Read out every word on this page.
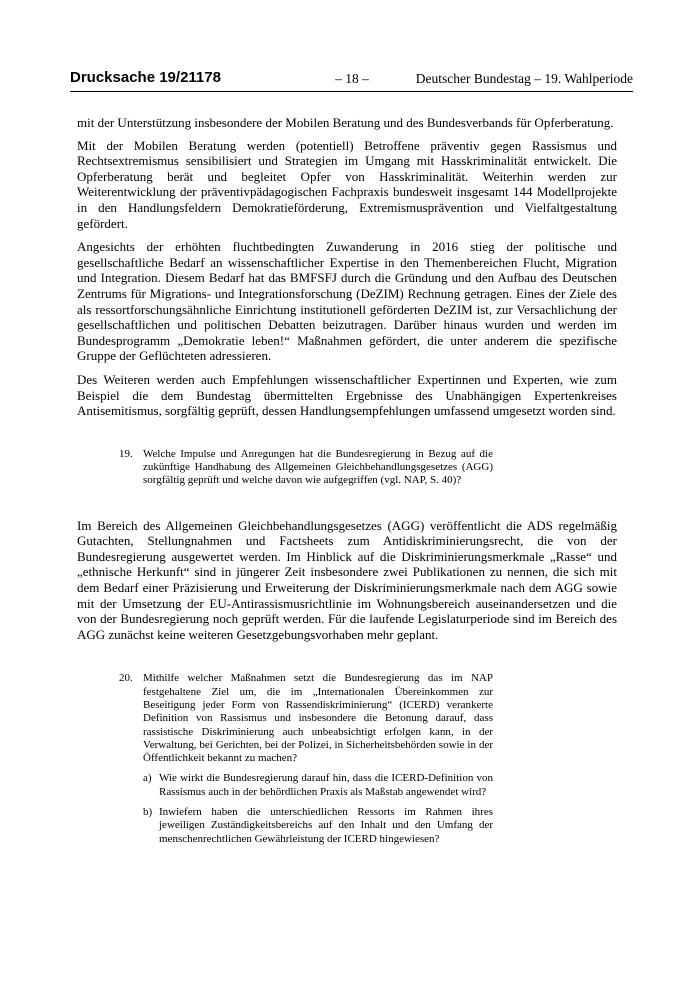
Drucksache 19/21178	– 18 –	Deutscher Bundestag – 19. Wahlperiode

mit der Unterstützung insbesondere der Mobilen Beratung und des Bundesverbands für Opferberatung.

Mit der Mobilen Beratung werden (potentiell) Betroffene präventiv gegen Rassismus und Rechtsextremismus sensibilisiert und Strategien im Umgang mit Hasskriminalität entwickelt. Die Opferberatung berät und begleitet Opfer von Hasskriminalität. Weiterhin werden zur Weiterentwicklung der präventivpädagogischen Fachpraxis bundesweit insgesamt 144 Modellprojekte in den Handlungsfeldern Demokratieförderung, Extremismusprävention und Vielfaltgestaltung gefördert.

Angesichts der erhöhten fluchtbedingten Zuwanderung in 2016 stieg der politische und gesellschaftliche Bedarf an wissenschaftlicher Expertise in den Themenbereichen Flucht, Migration und Integration. Diesem Bedarf hat das BMFSFJ durch die Gründung und den Aufbau des Deutschen Zentrums für Migrations- und Integrationsforschung (DeZIM) Rechnung getragen. Eines der Ziele des als ressortforschungsähnliche Einrichtung institutionell geförderten DeZIM ist, zur Versachlichung der gesellschaftlichen und politischen Debatten beizutragen. Darüber hinaus wurden und werden im Bundesprogramm „Demokratie leben!“ Maßnahmen gefördert, die unter anderem die spezifische Gruppe der Geflüchteten adressieren.

Des Weiteren werden auch Empfehlungen wissenschaftlicher Expertinnen und Experten, wie zum Beispiel die dem Bundestag übermittelten Ergebnisse des Unabhängigen Expertenkreises Antisemitismus, sorgfältig geprüft, dessen Handlungsempfehlungen umfassend umgesetzt worden sind.

19. Welche Impulse und Anregungen hat die Bundesregierung in Bezug auf die zukünftige Handhabung des Allgemeinen Gleichbehandlungsgesetzes (AGG) sorgfältig geprüft und welche davon wie aufgegriffen (vgl. NAP, S. 40)?

Im Bereich des Allgemeinen Gleichbehandlungsgesetzes (AGG) veröffentlicht die ADS regelmäßig Gutachten, Stellungnahmen und Factsheets zum Antidiskriminierungsrecht, die von der Bundesregierung ausgewertet werden. Im Hinblick auf die Diskriminierungsmerkmale „Rasse“ und „ethnische Herkunft“ sind in jüngerer Zeit insbesondere zwei Publikationen zu nennen, die sich mit dem Bedarf einer Präzisierung und Erweiterung der Diskriminierungsmerkmale nach dem AGG sowie mit der Umsetzung der EU-Antirassismusrichtlinie im Wohnungsbereich auseinandersetzen und die von der Bundesregierung noch geprüft werden. Für die laufende Legislaturperiode sind im Bereich des AGG zunächst keine weiteren Gesetzgebungsvorhaben mehr geplant.

20. Mithilfe welcher Maßnahmen setzt die Bundesregierung das im NAP festgehaltene Ziel um, die im „Internationalen Übereinkommen zur Beseitigung jeder Form von Rassendiskriminierung“ (ICERD) verankerte Definition von Rassismus und insbesondere die Betonung darauf, dass rassistische Diskriminierung auch unbeabsichtigt erfolgen kann, in der Verwaltung, bei Gerichten, bei der Polizei, in Sicherheitsbehörden sowie in der Öffentlichkeit bekannt zu machen?

a) Wie wirkt die Bundesregierung darauf hin, dass die ICERD-Definition von Rassismus auch in der behördlichen Praxis als Maßstab angewendet wird?

b) Inwiefern haben die unterschiedlichen Ressorts im Rahmen ihres jeweiligen Zuständigkeitsbereichs auf den Inhalt und den Umfang der menschenrechtlichen Gewährleistung der ICERD hingewiesen?
